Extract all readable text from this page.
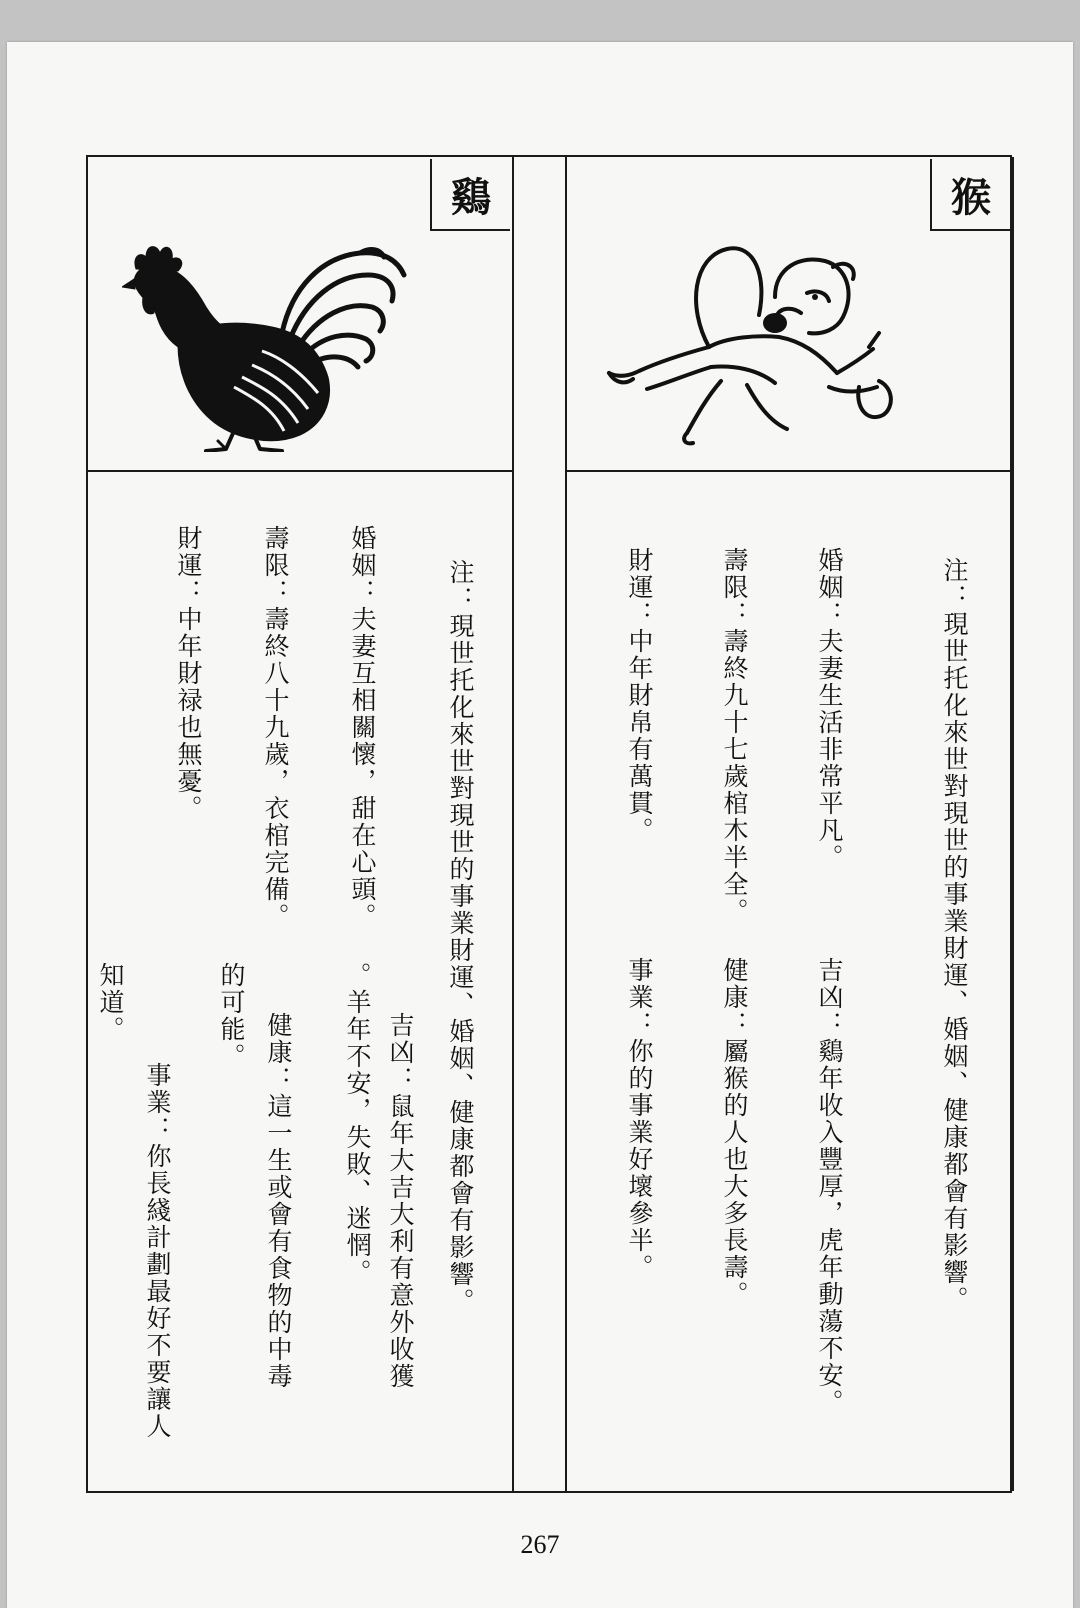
鷄
注：現世托化來世對現世的事業財運、婚姻、健康都會有影響。
婚姻：夫妻互相關懷，甜在心頭。
壽限：壽終八十九歲，衣棺完備。
財運：中年財禄也無憂。
吉凶：鼠年大吉大利有意外收獲
。羊年不安，失敗、迷惘。
健康：這一生或會有食物的中毒
的可能。
事業：你長綫計劃最好不要讓人
知道。
猴
注：現世托化來世對現世的事業財運、婚姻、健康都會有影響。
婚姻：夫妻生活非常平凡。
壽限：壽終九十七歲棺木半全。
財運：中年財帛有萬貫。
吉凶：鷄年收入豐厚，虎年動蕩不安。
健康：屬猴的人也大多長壽。
事業：你的事業好壞參半。
267
